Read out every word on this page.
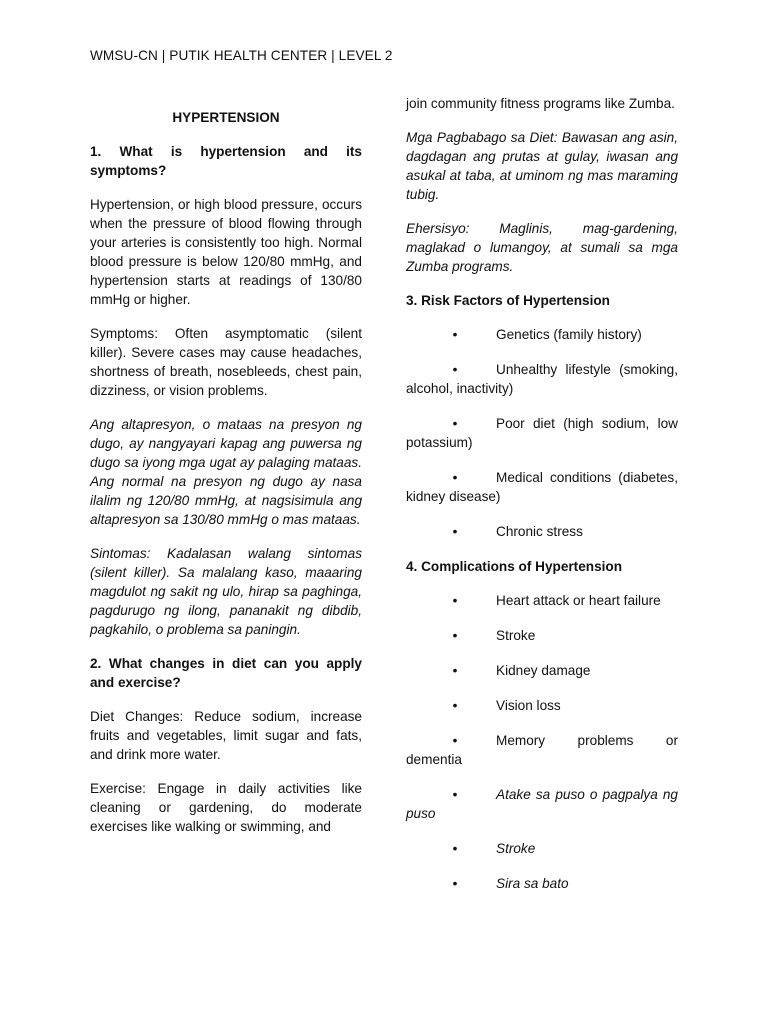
WMSU-CN | PUTIK HEALTH CENTER | LEVEL 2

HYPERTENSION

1. What is hypertension and its symptoms?

Hypertension, or high blood pressure, occurs when the pressure of blood flowing through your arteries is consistently too high. Normal blood pressure is below 120/80 mmHg, and hypertension starts at readings of 130/80 mmHg or higher.

Symptoms: Often asymptomatic (silent killer). Severe cases may cause headaches, shortness of breath, nosebleeds, chest pain, dizziness, or vision problems.

Ang altapresyon, o mataas na presyon ng dugo, ay nangyayari kapag ang puwersa ng dugo sa iyong mga ugat ay palaging mataas. Ang normal na presyon ng dugo ay nasa ilalim ng 120/80 mmHg, at nagsisimula ang altapresyon sa 130/80 mmHg o mas mataas.

Sintomas: Kadalasan walang sintomas (silent killer). Sa malalang kaso, maaaring magdulot ng sakit ng ulo, hirap sa paghinga, pagdurugo ng ilong, pananakit ng dibdib, pagkahilo, o problema sa paningin.

2. What changes in diet can you apply and exercise?

Diet Changes: Reduce sodium, increase fruits and vegetables, limit sugar and fats, and drink more water.

Exercise: Engage in daily activities like cleaning or gardening, do moderate exercises like walking or swimming, and

join community fitness programs like Zumba.

Mga Pagbabago sa Diet: Bawasan ang asin, dagdagan ang prutas at gulay, iwasan ang asukal at taba, at uminom ng mas maraming tubig.

Ehersisyo: Maglinis, mag-gardening, maglakad o lumangoy, at sumali sa mga Zumba programs.

3. Risk Factors of Hypertension

•	Genetics (family history)

•	Unhealthy lifestyle (smoking, alcohol, inactivity)

•	Poor diet (high sodium, low potassium)

•	Medical conditions (diabetes, kidney disease)

•	Chronic stress

4. Complications of Hypertension

•	Heart attack or heart failure

•	Stroke

•	Kidney damage

•	Vision loss

•	Memory problems or dementia

•	Atake sa puso o pagpalya ng puso

•	Stroke

•	Sira sa bato
